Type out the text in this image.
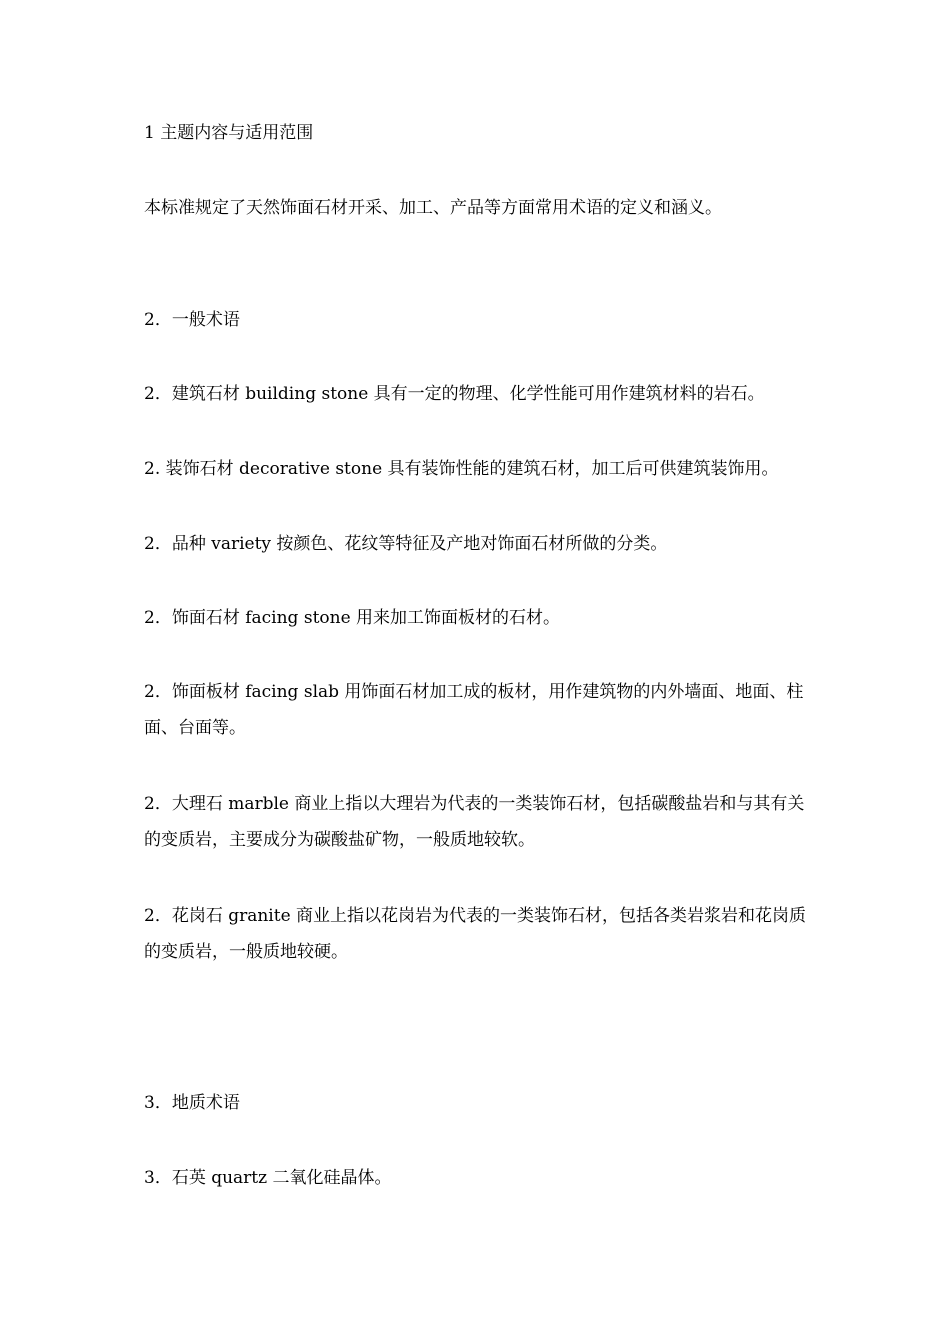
1 主题内容与适用范围
本标准规定了天然饰面石材开采、加工、产品等方面常用术语的定义和涵义。
2．一般术语
2．建筑石材 building stone 具有一定的物理、化学性能可用作建筑材料的岩石。
2. 装饰石材 decorative stone 具有装饰性能的建筑石材，加工后可供建筑装饰用。
2．品种 variety 按颜色、花纹等特征及产地对饰面石材所做的分类。
2．饰面石材 facing stone 用来加工饰面板材的石材。
2．饰面板材 facing slab 用饰面石材加工成的板材，用作建筑物的内外墙面、地面、柱面、台面等。
2．大理石 marble 商业上指以大理岩为代表的一类装饰石材，包括碳酸盐岩和与其有关的变质岩，主要成分为碳酸盐矿物，一般质地较软。
2．花岗石 granite 商业上指以花岗岩为代表的一类装饰石材，包括各类岩浆岩和花岗质的变质岩，一般质地较硬。
3．地质术语
3．石英 quartz 二氧化硅晶体。
